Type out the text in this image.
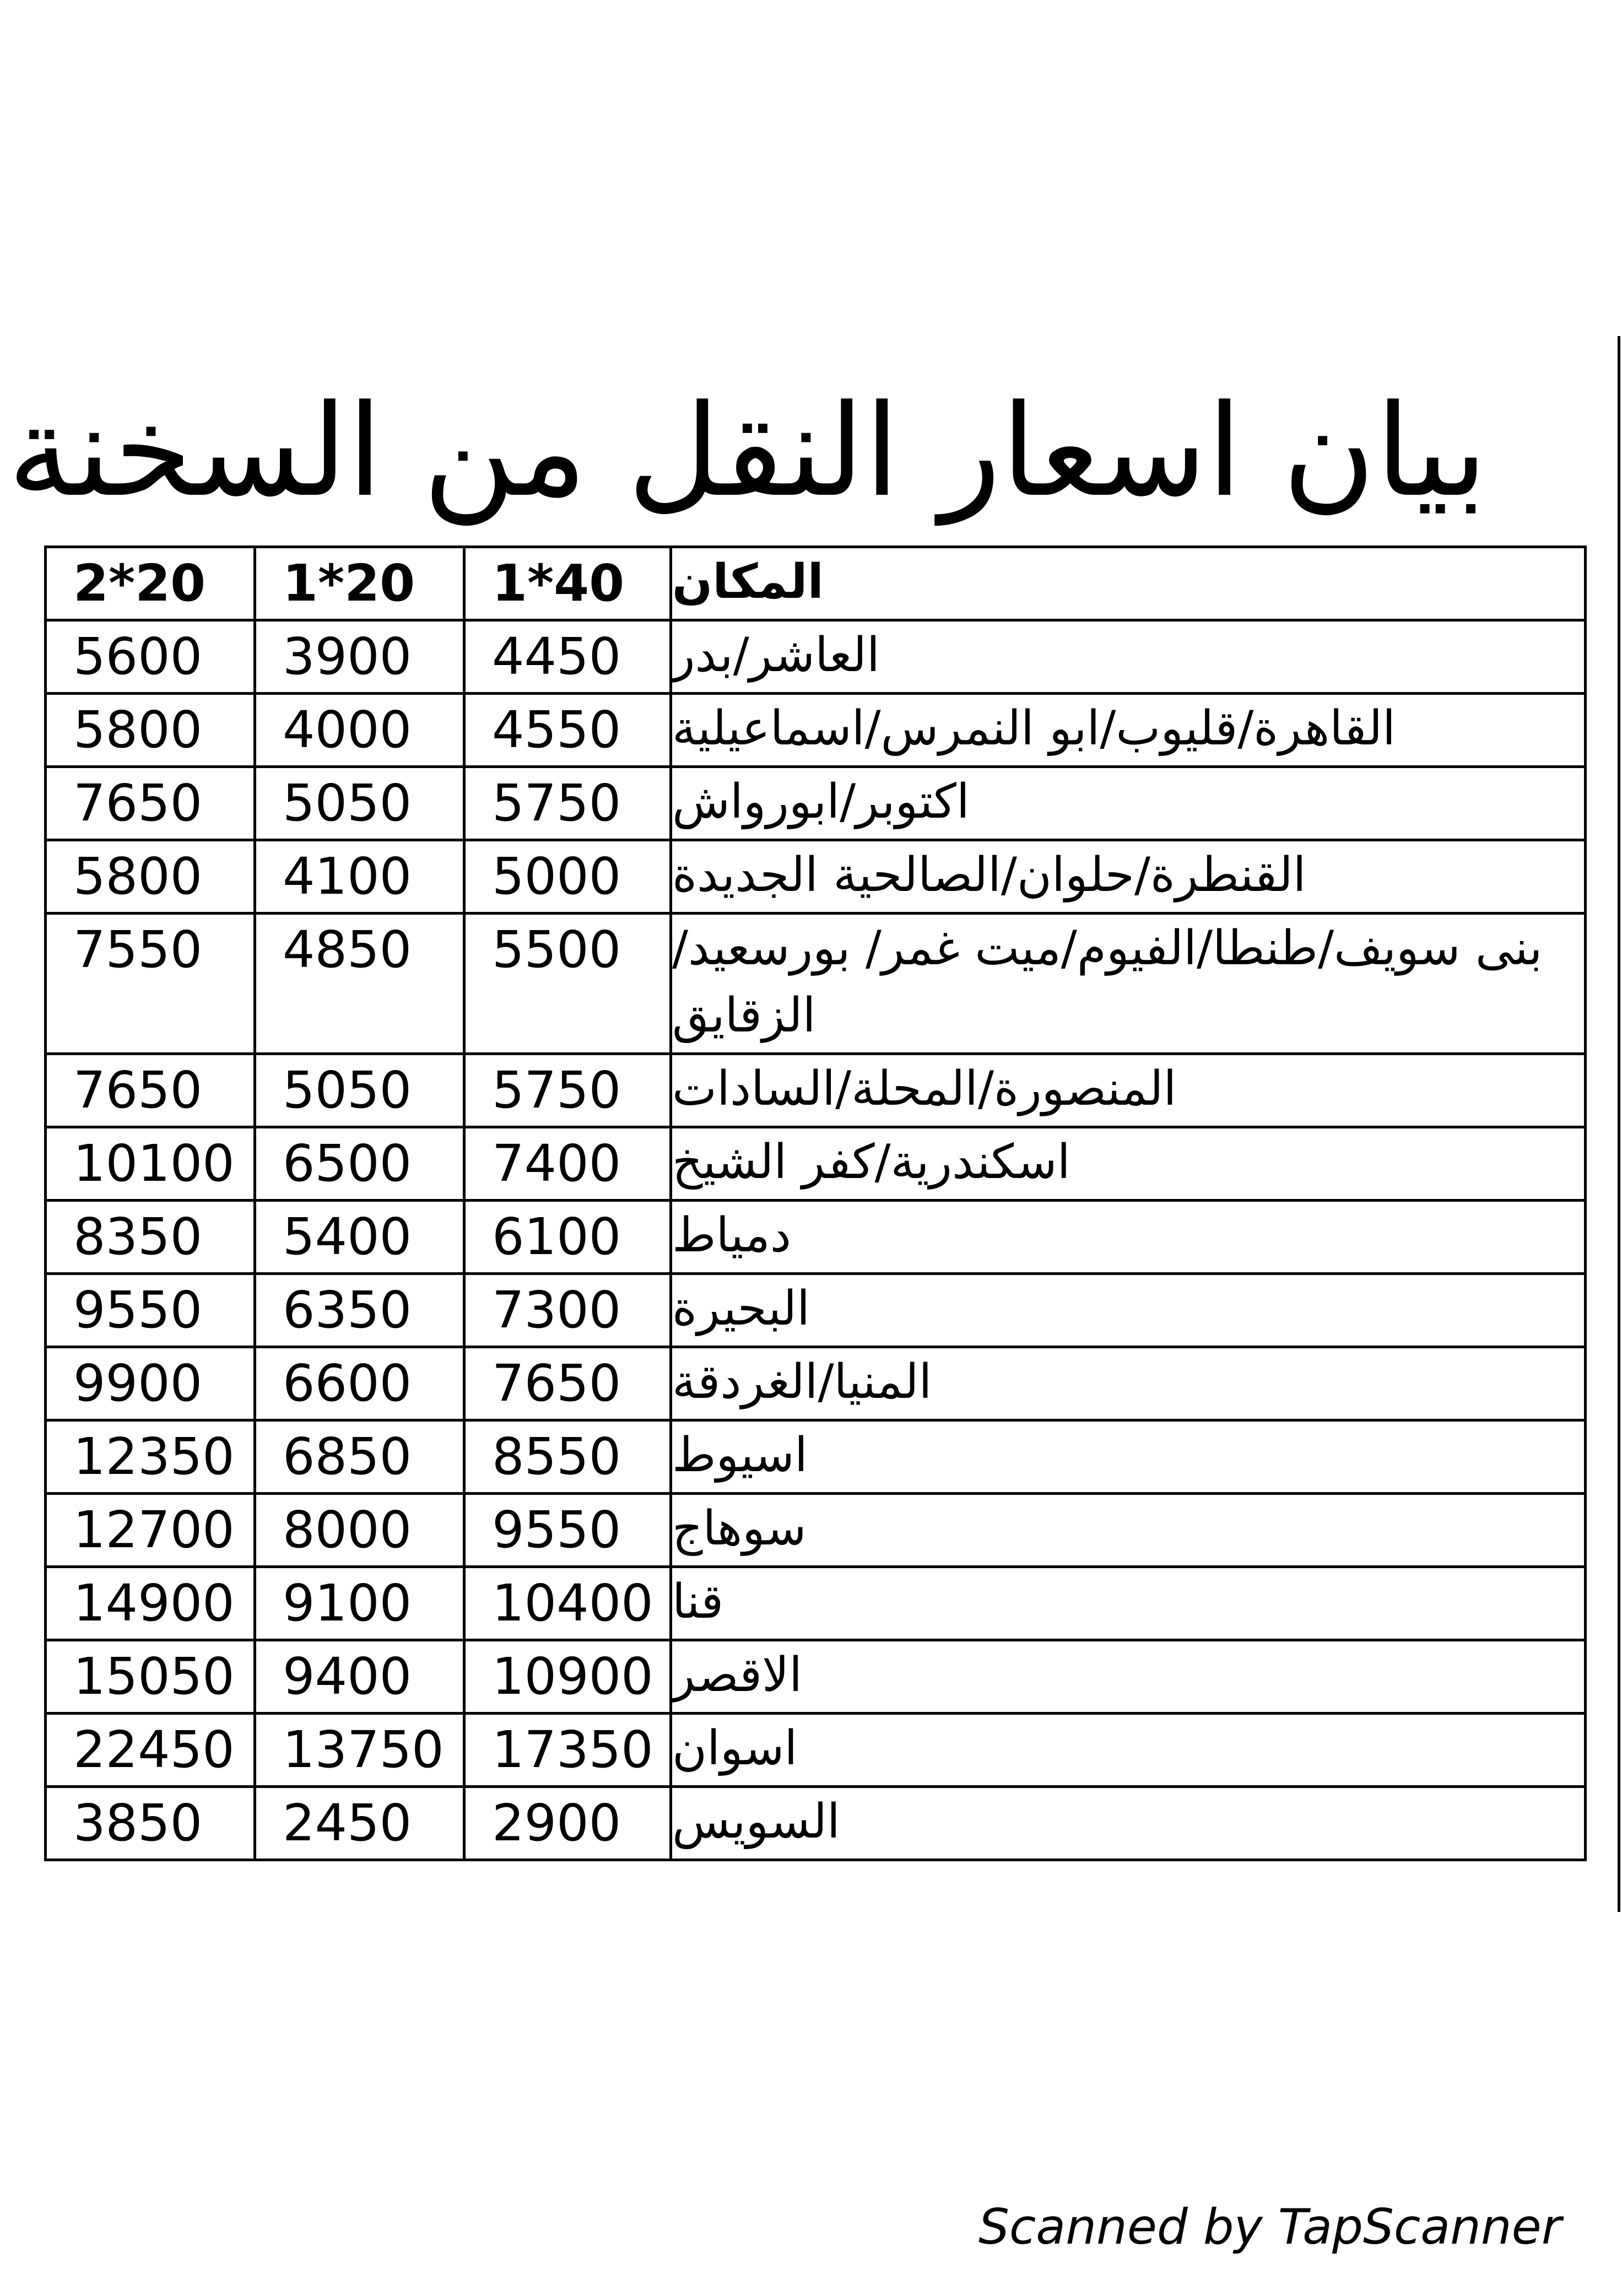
بيان اسعار النقل من السخنة
2*20	1*20	1*40	المكان
5600	3900	4450	العاشر/بدر
5800	4000	4550	القاهرة/قليوب/ابو النمرس/اسماعيلية
7650	5050	5750	اكتوبر/ابورواش
5800	4100	5000	القنطرة/حلوان/الصالحية الجديدة
7550	4850	5500	بنى سويف/طنطا/الفيوم/ميت غمر/ بورسعيد/الزقايق
7650	5050	5750	المنصورة/المحلة/السادات
10100	6500	7400	اسكندرية/كفر الشيخ
8350	5400	6100	دمياط
9550	6350	7300	البحيرة
9900	6600	7650	المنيا/الغردقة
12350	6850	8550	اسيوط
12700	8000	9550	سوهاج
14900	9100	10400	قنا
15050	9400	10900	الاقصر
22450	13750	17350	اسوان
3850	2450	2900	السويس
Scanned by TapScanner
